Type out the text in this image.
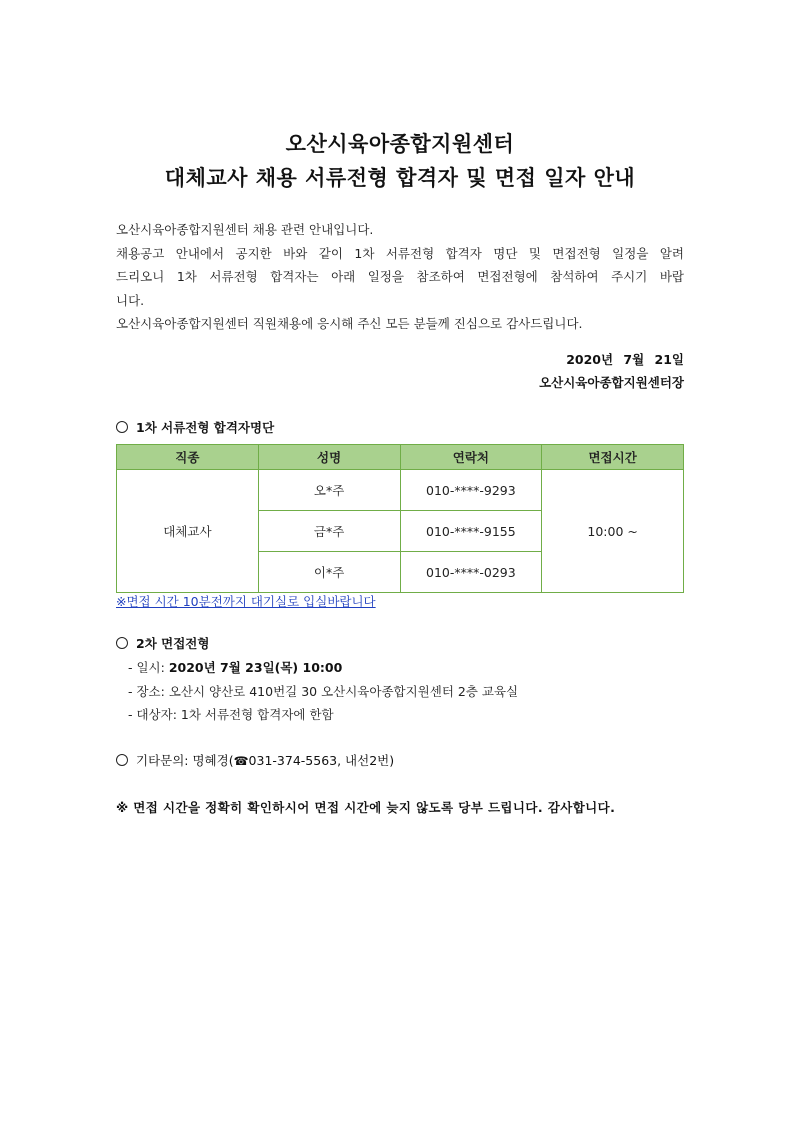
오산시육아종합지원센터
대체교사 채용 서류전형 합격자 및 면접 일자 안내

오산시육아종합지원센터 채용 관련 안내입니다.

채용공고 안내에서 공지한 바와 같이 1차 서류전형 합격자 명단 및 면접전형 일정을 알려

드리오니 1차 서류전형 합격자는 아래 일정을 참조하여 면접전형에 참석하여 주시기 바랍

니다.

오산시육아종합지원센터 직원채용에 응시해 주신 모든 분들께 진심으로 감사드립니다.

2020년 7월 21일
오산시육아종합지원센터장
1차 서류전형 합격자명단
직종	성명	연락처	면접시간
대체교사	오*주	010-****-9293	10:00 ~
	금*주	010-****-9155	
	이*주	010-****-0293	
※면접 시간 10분전까지 대기실로 입실바랍니다
2차 면접전형
- 일시: 2020년 7월 23일(목) 10:00
- 장소: 오산시 양산로 410번길 30 오산시육아종합지원센터 2층 교육실
- 대상자: 1차 서류전형 합격자에 한함
기타문의: 명혜경(☎031-374-5563, 내선2번)
※ 면접 시간을 정확히 확인하시어 면접 시간에 늦지 않도록 당부 드립니다. 감사합니다.
